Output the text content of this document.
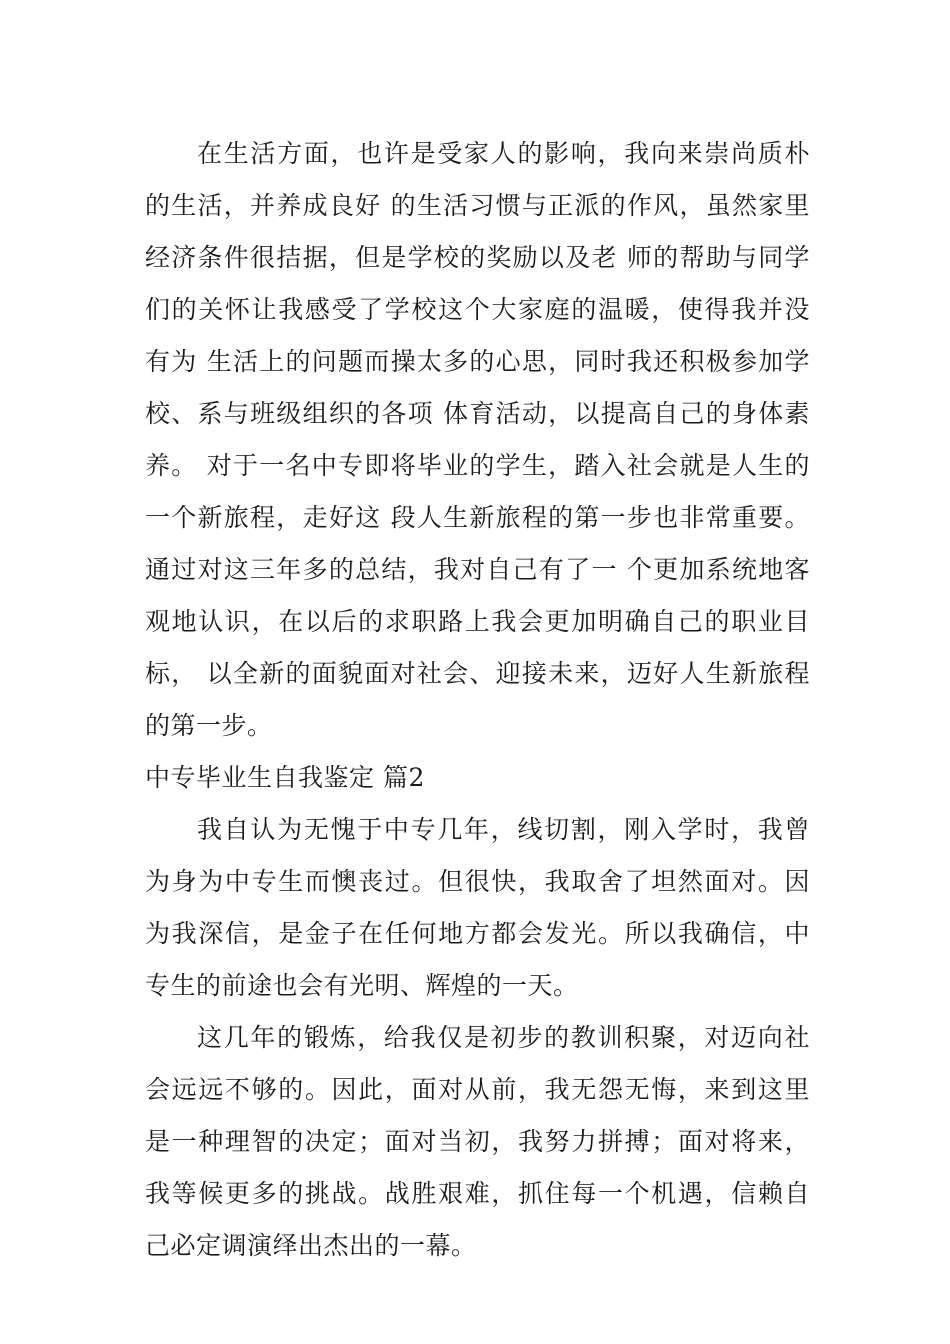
在生活方面，也许是受家人的影响，我向来崇尚质朴
的生活，并养成良好 的生活习惯与正派的作风，虽然家里
经济条件很拮据，但是学校的奖励以及老 师的帮助与同学
们的关怀让我感受了学校这个大家庭的温暖，使得我并没
有为 生活上的问题而操太多的心思，同时我还积极参加学
校、系与班级组织的各项 体育活动，以提高自己的身体素
养。 对于一名中专即将毕业的学生，踏入社会就是人生的
一个新旅程，走好这 段人生新旅程的第一步也非常重要。
通过对这三年多的总结，我对自己有了一 个更加系统地客
观地认识，在以后的求职路上我会更加明确自己的职业目
标， 以全新的面貌面对社会、迎接未来，迈好人生新旅程
的第一步。
中专毕业生自我鉴定 篇2
我自认为无愧于中专几年，线切割，刚入学时，我曾
为身为中专生而懊丧过。但很快，我取舍了坦然面对。因
为我深信，是金子在任何地方都会发光。所以我确信，中
专生的前途也会有光明、辉煌的一天。
这几年的锻炼，给我仅是初步的教训积聚，对迈向社
会远远不够的。因此，面对从前，我无怨无悔，来到这里
是一种理智的决定；面对当初，我努力拼搏；面对将来，
我等候更多的挑战。战胜艰难，抓住每一个机遇，信赖自
己必定调演绎出杰出的一幕。
